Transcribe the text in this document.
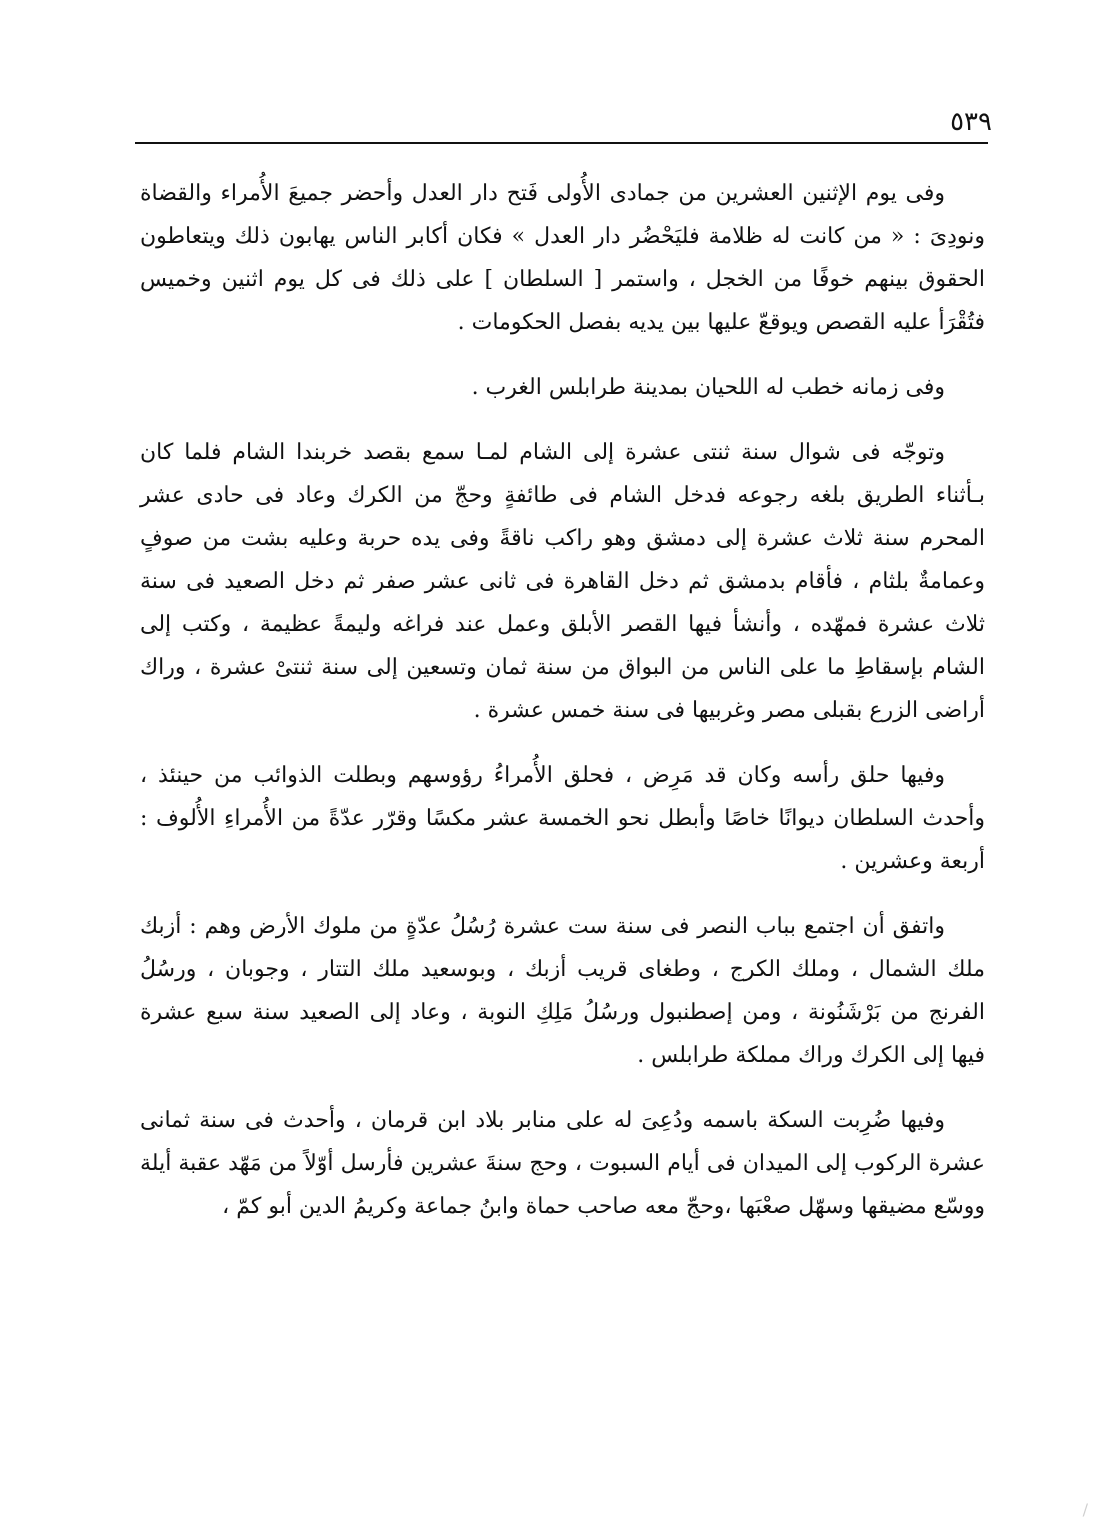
٥٣٩

وفى يوم الإثنين العشرين من جمادى الأُولى فَتح دار العدل وأحضر جميعَ الأُمراء والقضاة ونودِىَ : « من كانت له ظلامة فليَحْضُر دار العدل » فكان أكابر الناس يهابون ذلك ويتعاطون الحقوق بينهم خوفًا من الخجل ، واستمر [ السلطان ] على ذلك فى كل يوم اثنين وخميس فتُقْرَأ عليه القصص ويوقعّ عليها بين يديه بفصل الحكومات .

وفى زمانه خطب له اللحيان بمدينة طرابلس الغرب .

وتوجّه فى شوال سنة ثنتى عشرة إلى الشام لمـا سمع بقصد خربندا الشام فلما كان بـأثناء الطريق بلغه رجوعه فدخل الشام فى طائفةٍ وحجّ من الكرك وعاد فى حادى عشر المحرم سنة ثلاث عشرة إلى دمشق وهو راكب ناقةً وفى يده حربة وعليه بشت من صوفٍ وعمامةٌ بلثام ، فأقام بدمشق ثم دخل القاهرة فى ثانى عشر صفر ثم دخل الصعيد فى سنة ثلاث عشرة فمهّده ، وأنشأ فيها القصر الأبلق وعمل عند فراغه وليمةً عظيمة ، وكتب إلى الشام بإسقاطِ ما على الناس من البواق من سنة ثمان وتسعين إلى سنة ثنتىْ عشرة ، وراك أراضى الزرع بقبلى مصر وغربيها فى سنة خمس عشرة .

وفيها حلق رأسه وكان قد مَرِض ، فحلق الأُمراءُ رؤوسهم وبطلت الذوائب من حينئذ ، وأحدث السلطان ديوانًا خاصًا وأبطل نحو الخمسة عشر مكسًا وقرّر عدّةً من الأُمراءِ الأُلوف : أربعة وعشرين .

واتفق أن اجتمع بباب النصر فى سنة ست عشرة رُسُلُ عدّةٍ من ملوك الأرض وهم : أزبك ملك الشمال ، وملك الكرج ، وطغاى قريب أزبك ، وبوسعيد ملك التتار ، وجوبان ، ورسُلُ الفرنج من بَرْشَنُونة ، ومن إصطنبول ورسُلُ مَلِكِ النوبة ، وعاد إلى الصعيد سنة سبع عشرة فيها إلى الكرك وراك مملكة طرابلس .

وفيها ضُرِبت السكة باسمه ودُعِىَ له على منابر بلاد ابن قرمان ، وأحدث فى سنة ثمانى عشرة الركوب إلى الميدان فى أيام السبوت ، وحج سنةَ عشرين فأرسل أوّلاً من مَهّد عقبة أيلة ووسّع مضيقها وسهّل صعْبَها ،وحجّ معه صاحب حماة وابنُ جماعة وكريمُ الدين أبو كمّ ،

/
